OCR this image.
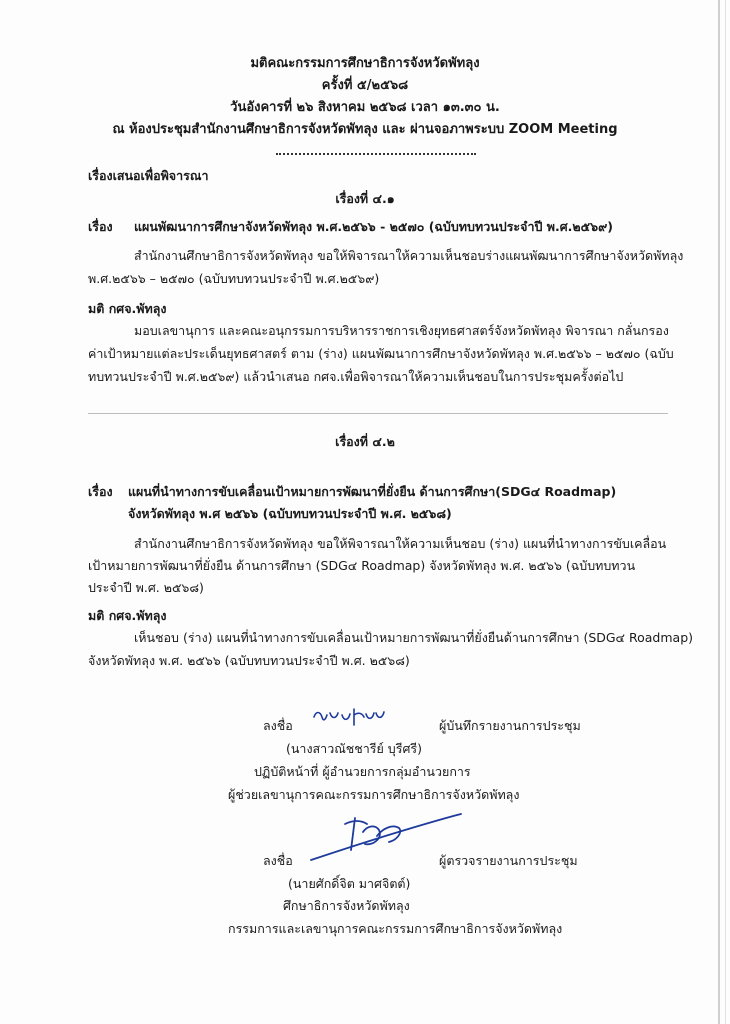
มติคณะกรรมการศึกษาธิการจังหวัดพัทลุง
ครั้งที่ ๕/๒๕๖๘
วันอังคารที่ ๒๖ สิงหาคม ๒๕๖๘ เวลา ๑๓.๓๐ น.
ณ ห้องประชุมสำนักงานศึกษาธิการจังหวัดพัทลุง และ ผ่านจอภาพระบบ ZOOM Meeting
เรื่องเสนอเพื่อพิจารณา
เรื่องที่ ๔.๑
เรื่อง แผนพัฒนาการศึกษาจังหวัดพัทลุง พ.ศ.๒๕๖๖ - ๒๕๗๐ (ฉบับทบทวนประจำปี พ.ศ.๒๕๖๙)
สำนักงานศึกษาธิการจังหวัดพัทลุง ขอให้พิจารณาให้ความเห็นชอบร่างแผนพัฒนาการศึกษาจังหวัดพัทลุง
พ.ศ.๒๕๖๖ – ๒๕๗๐ (ฉบับทบทวนประจำปี พ.ศ.๒๕๖๙)
มติ กศจ.พัทลุง
มอบเลขานุการ และคณะอนุกรรมการบริหารราชการเชิงยุทธศาสตร์จังหวัดพัทลุง พิจารณา กลั่นกรอง
ค่าเป้าหมายแต่ละประเด็นยุทธศาสตร์ ตาม (ร่าง) แผนพัฒนาการศึกษาจังหวัดพัทลุง พ.ศ.๒๕๖๖ – ๒๕๗๐ (ฉบับ
ทบทวนประจำปี พ.ศ.๒๕๖๙) แล้วนำเสนอ กศจ.เพื่อพิจารณาให้ความเห็นชอบในการประชุมครั้งต่อไป
เรื่องที่ ๔.๒
เรื่อง แผนที่นำทางการขับเคลื่อนเป้าหมายการพัฒนาที่ยั่งยืน ด้านการศึกษา(SDG๔ Roadmap)
จังหวัดพัทลุง พ.ศ ๒๕๖๖ (ฉบับทบทวนประจำปี พ.ศ. ๒๕๖๘)
สำนักงานศึกษาธิการจังหวัดพัทลุง ขอให้พิจารณาให้ความเห็นชอบ (ร่าง) แผนที่นำทางการขับเคลื่อน
เป้าหมายการพัฒนาที่ยั่งยืน ด้านการศึกษา (SDG๔ Roadmap) จังหวัดพัทลุง พ.ศ. ๒๕๖๖ (ฉบับทบทวน
ประจำปี พ.ศ. ๒๕๖๘)
มติ กศจ.พัทลุง
เห็นชอบ (ร่าง) แผนที่นำทางการขับเคลื่อนเป้าหมายการพัฒนาที่ยั่งยืนด้านการศึกษา (SDG๔ Roadmap)
จังหวัดพัทลุง พ.ศ. ๒๕๖๖ (ฉบับทบทวนประจำปี พ.ศ. ๒๕๖๘)
ลงชื่อ	ผู้บันทึกรายงานการประชุม
(นางสาวณัชชารีย์ บุรีศรี)
ปฏิบัติหน้าที่ ผู้อำนวยการกลุ่มอำนวยการ
ผู้ช่วยเลขานุการคณะกรรมการศึกษาธิการจังหวัดพัทลุง
ลงชื่อ	ผู้ตรวจรายงานการประชุม
(นายศักดิ์จิต มาศจิตต์)
ศึกษาธิการจังหวัดพัทลุง
กรรมการและเลขานุการคณะกรรมการศึกษาธิการจังหวัดพัทลุง
